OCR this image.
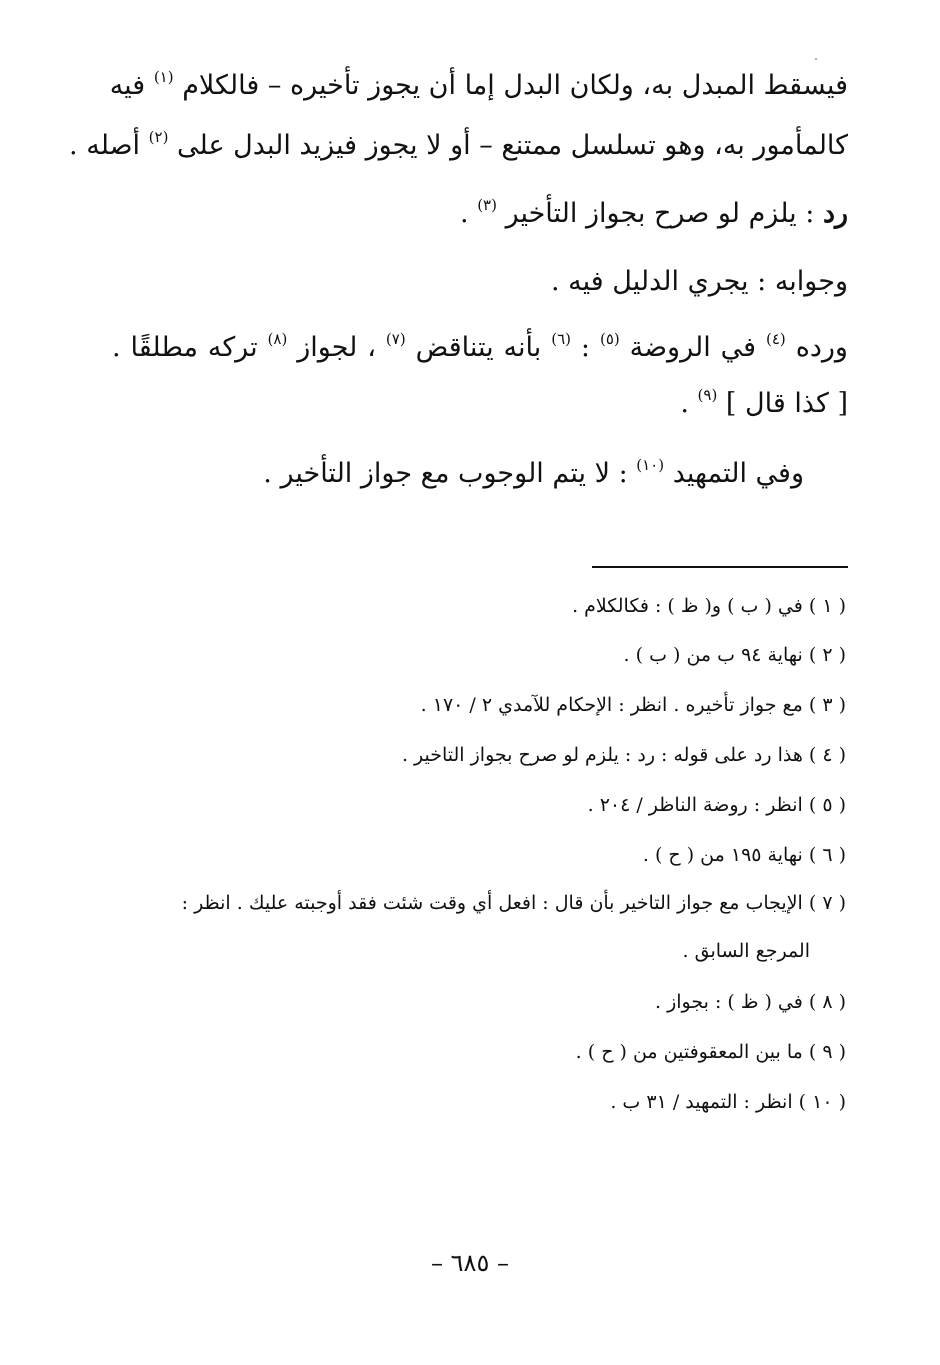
فيسقط المبدل به، ولكان البدل إما أن يجوز تأخيره – فالكلام $^{(١)}$ فيه
كالمأمور به، وهو تسلسل ممتنع – أو لا يجوز فيزيد البدل على $^{(٢)}$ أصله .
رد : يلزم لو صرح بجواز التأخير $^{(٣)}$ .
وجوابه : يجري الدليل فيه .
ورده $^{(٤)}$ في الروضة $^{(٥)}$ : $^{(٦)}$ بأنه يتناقض $^{(٧)}$ ، لجواز $^{(٨)}$ تركه مطلقًا .
[ كذا قال ] $^{(٩)}$ .
وفي التمهيد $^{(١٠)}$ : لا يتم الوجوب مع جواز التأخير .
( ١ ) في ( ب ) و( ظ ) : فكالكلام .
( ٢ ) نهاية ٩٤ ب من ( ب ) .
( ٣ ) مع جواز تأخيره . انظر : الإحكام للآمدي ٢ / ١٧٠ .
( ٤ ) هذا رد على قوله : رد : يلزم لو صرح بجواز التاخير .
( ٥ ) انظر : روضة الناظر / ٢٠٤ .
( ٦ ) نهاية ١٩٥ من ( ح ) .
( ٧ ) الإيجاب مع جواز التاخير بأن قال : افعل أي وقت شئت فقد أوجبته عليك . انظر :
المرجع السابق .
( ٨ ) في ( ظ ) : بجواز .
( ٩ ) ما بين المعقوفتين من ( ح ) .
( ١٠ ) انظر : التمهيد / ٣١ ب .
– ٦٨٥ –
